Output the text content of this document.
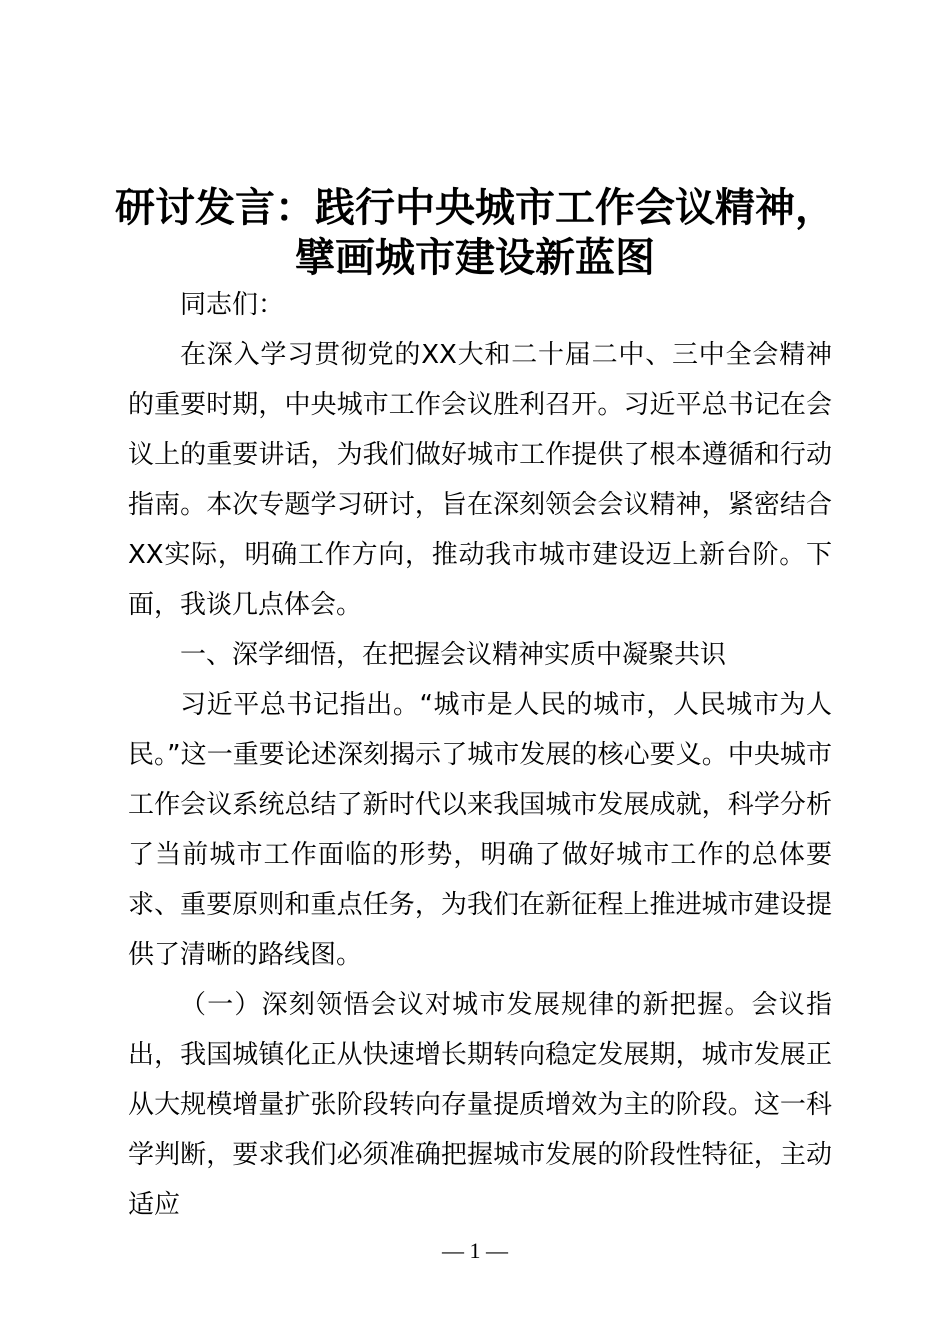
研讨发言：践行中央城市工作会议精神，
擘画城市建设新蓝图

同志们：

在深入学习贯彻党的XX大和二十届二中、三中全会精神的重要时期，中央城市工作会议胜利召开。习近平总书记在会议上的重要讲话，为我们做好城市工作提供了根本遵循和行动指南。本次专题学习研讨，旨在深刻领会会议精神，紧密结合XX实际，明确工作方向，推动我市城市建设迈上新台阶。下面，我谈几点体会。

一、深学细悟，在把握会议精神实质中凝聚共识

习近平总书记指出。“城市是人民的城市，人民城市为人民。”这一重要论述深刻揭示了城市发展的核心要义。中央城市工作会议系统总结了新时代以来我国城市发展成就，科学分析了当前城市工作面临的形势，明确了做好城市工作的总体要求、重要原则和重点任务，为我们在新征程上推进城市建设提供了清晰的路线图。

（一）深刻领悟会议对城市发展规律的新把握。会议指出，我国城镇化正从快速增长期转向稳定发展期，城市发展正从大规模增量扩张阶段转向存量提质增效为主的阶段。这一科学判断，要求我们必须准确把握城市发展的阶段性特征，主动适应

— 1 —
